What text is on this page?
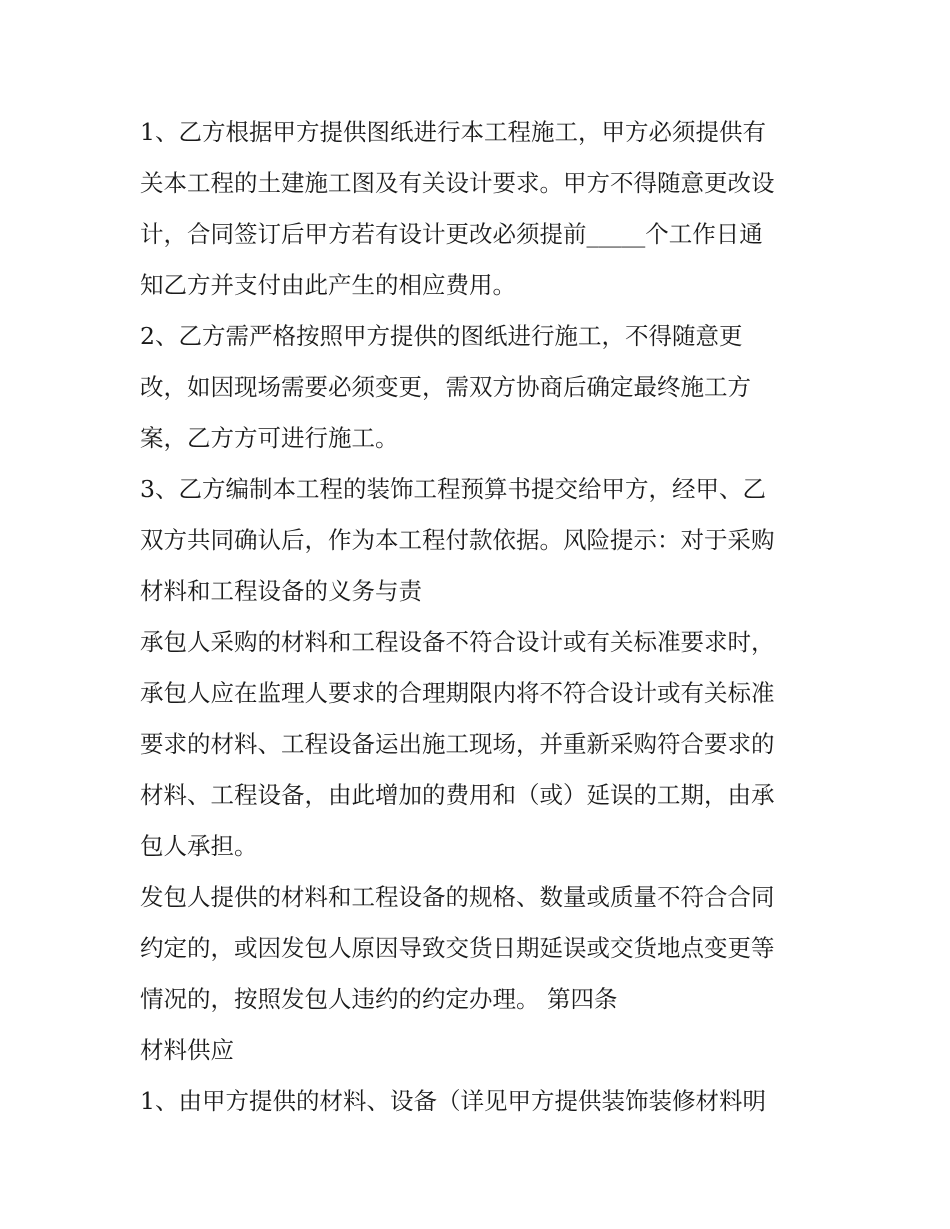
1、乙方根据甲方提供图纸进行本工程施工，甲方必须提供有
关本工程的土建施工图及有关设计要求。甲方不得随意更改设
计，合同签订后甲方若有设计更改必须提前_____个工作日通
知乙方并支付由此产生的相应费用。
2、乙方需严格按照甲方提供的图纸进行施工，不得随意更
改，如因现场需要必须变更，需双方协商后确定最终施工方
案，乙方方可进行施工。
3、乙方编制本工程的装饰工程预算书提交给甲方，经甲、乙
双方共同确认后，作为本工程付款依据。风险提示：对于采购
材料和工程设备的义务与责
承包人采购的材料和工程设备不符合设计或有关标准要求时，
承包人应在监理人要求的合理期限内将不符合设计或有关标准
要求的材料、工程设备运出施工现场，并重新采购符合要求的
材料、工程设备，由此增加的费用和（或）延误的工期，由承
包人承担。
发包人提供的材料和工程设备的规格、数量或质量不符合合同
约定的，或因发包人原因导致交货日期延误或交货地点变更等
情况的，按照发包人违约的约定办理。 第四条
材料供应
1、由甲方提供的材料、设备（详见甲方提供装饰装修材料明
